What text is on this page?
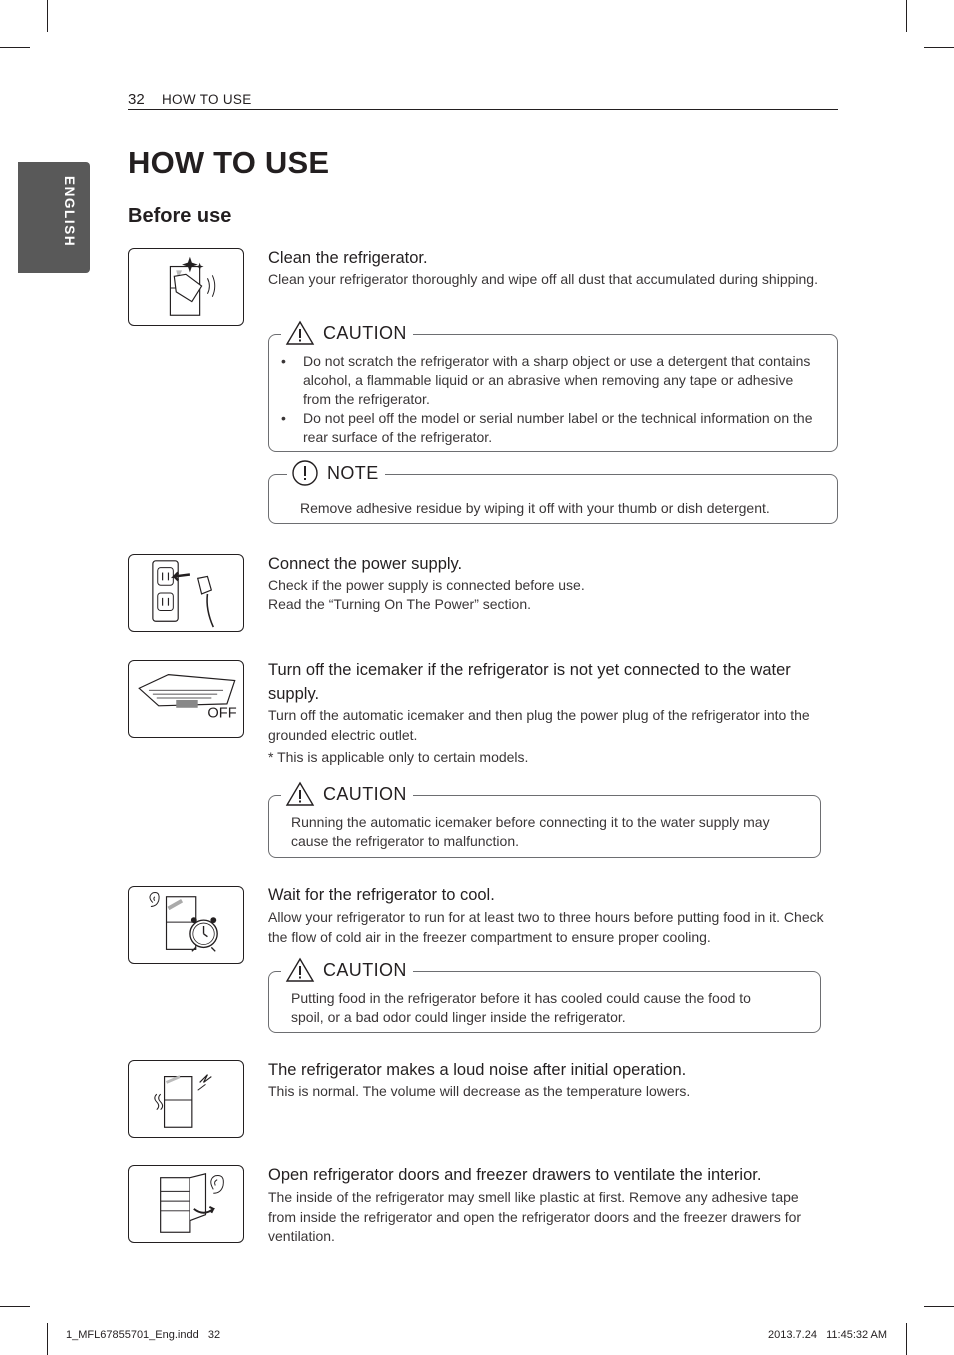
32 HOW TO USE
ENGLISH
HOW TO USE
Before use
Clean the refrigerator.
Clean your refrigerator thoroughly and wipe off all dust that accumulated during shipping.
CAUTION
• Do not scratch the refrigerator with a sharp object or use a detergent that contains alcohol, a flammable liquid or an abrasive when removing any tape or adhesive from the refrigerator.
• Do not peel off the model or serial number label or the technical information on the rear surface of the refrigerator.
NOTE
Remove adhesive residue by wiping it off with your thumb or dish detergent.
Connect the power supply.
Check if the power supply is connected before use.
Read the “Turning On The Power” section.
OFF
Turn off the icemaker if the refrigerator is not yet connected to the water supply.
Turn off the automatic icemaker and then plug the power plug of the refrigerator into the grounded electric outlet.
* This is applicable only to certain models.
CAUTION
Running the automatic icemaker before connecting it to the water supply may cause the refrigerator to malfunction.
Wait for the refrigerator to cool.
Allow your refrigerator to run for at least two to three hours before putting food in it. Check the flow of cold air in the freezer compartment to ensure proper cooling.
CAUTION
Putting food in the refrigerator before it has cooled could cause the food to spoil, or a bad odor could linger inside the refrigerator.
The refrigerator makes a loud noise after initial operation.
This is normal. The volume will decrease as the temperature lowers.
Open refrigerator doors and freezer drawers to ventilate the interior.
The inside of the refrigerator may smell like plastic at first. Remove any adhesive tape from inside the refrigerator and open the refrigerator doors and the freezer drawers for ventilation.
1_MFL67855701_Eng.indd   32	2013.7.24   11:45:32 AM
